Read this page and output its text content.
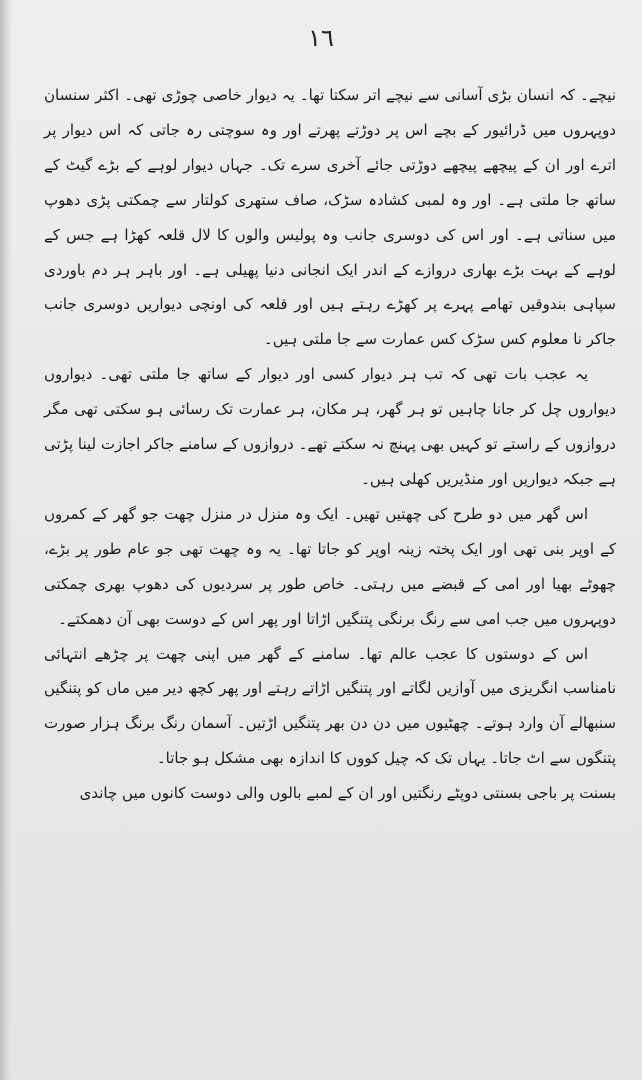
١٦

نیچے۔ کہ انسان بڑی آسانی سے نیچے اتر سکتا تھا۔ یہ دیوار خاصی چوڑی تھی۔ اکثر سنسان دوپہروں میں ڈرائیور کے بچے اس پر دوڑتے پھرتے اور وہ سوچتی رہ جاتی کہ اس دیوار پر اترے اور ان کے پیچھے پیچھے دوڑتی جائے آخری سرے تک۔ جہاں دیوار لوہے کے بڑے گیٹ کے ساتھ جا ملتی ہے۔ اور وہ لمبی کشادہ سڑک، صاف ستھری کولتار سے چمکتی پڑی دھوپ میں سناتی ہے۔ اور اس کی دوسری جانب وہ پولیس والوں کا لال قلعہ کھڑا ہے جس کے لوہے کے بہت بڑے بھاری دروازے کے اندر ایک انجانی دنیا پھیلی ہے۔ اور باہر ہر دم باوردی سپاہی بندوقیں تھامے پہرے پر کھڑے رہتے ہیں اور قلعہ کی اونچی دیواریں دوسری جانب جاکر نا معلوم کس سڑک کس عمارت سے جا ملتی ہیں۔

یہ عجب بات تھی کہ تب ہر دیوار کسی اور دیوار کے ساتھ جا ملتی تھی۔ دیواروں دیواروں چل کر جانا چاہیں تو ہر گھر، ہر مکان، ہر عمارت تک رسائی ہو سکتی تھی مگر دروازوں کے راستے تو کہیں بھی پہنچ نہ سکتے تھے۔ دروازوں کے سامنے جاکر اجازت لینا پڑتی ہے جبکہ دیواریں اور منڈیریں کھلی ہیں۔

اس گھر میں دو طرح کی چھتیں تھیں۔ ایک وہ منزل در منزل چھت جو گھر کے کمروں کے اوپر بنی تھی اور ایک پختہ زینہ اوپر کو جاتا تھا۔ یہ وہ چھت تھی جو عام طور پر بڑے، چھوٹے بھیا اور امی کے قبضے میں رہتی۔ خاص طور پر سردیوں کی دھوپ بھری چمکتی دوپہروں میں جب امی سے رنگ برنگی پتنگیں اڑاتا اور پھر اس کے دوست بھی آن دھمکتے۔

اس کے دوستوں کا عجب عالم تھا۔ سامنے کے گھر میں اپنی چھت پر چڑھے انتہائی نامناسب انگریزی میں آوازیں لگاتے اور پتنگیں اڑاتے رہتے اور پھر کچھ دیر میں ماں کو پتنگیں سنبھالے آن وارد ہوتے۔ چھٹیوں میں دن دن بھر پتنگیں اڑتیں۔ آسمان رنگ برنگ ہزار صورت پتنگوں سے اٹ جاتا۔ یہاں تک کہ چیل کووں کا اندازہ بھی مشکل ہو جاتا۔

بسنت پر باجی بسنتی دوپٹے رنگتیں اور ان کے لمبے بالوں والی دوست کانوں میں چاندی
